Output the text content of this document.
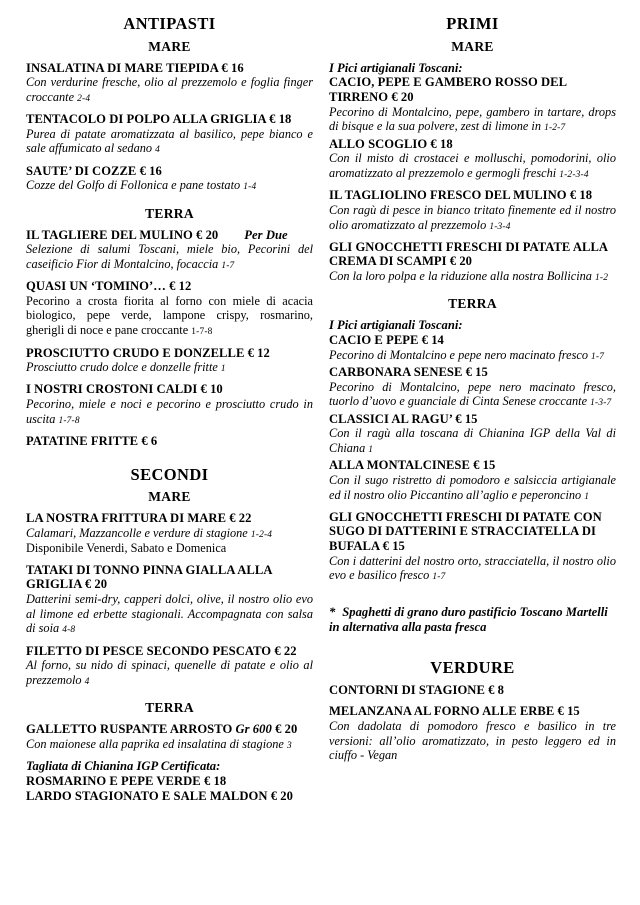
ANTIPASTI
MARE
INSALATINA DI MARE TIEPIDA € 16
Con verdurine fresche, olio al prezzemolo e foglia finger croccante 2-4
TENTACOLO DI POLPO ALLA GRIGLIA € 18
Purea di patate aromatizzata al basilico, pepe bianco e sale affumicato al sedano 4
SAUTE’ DI COZZE € 16
Cozze del Golfo di Follonica e pane tostato 1-4
TERRA
IL TAGLIERE DEL MULINO € 20 Per Due
Selezione di salumi Toscani, miele bio, Pecorini del caseificio Fior di Montalcino, focaccia 1-7
QUASI UN ‘TOMINO’… € 12
Pecorino a crosta fiorita al forno con miele di acacia biologico, pepe verde, lampone crispy, rosmarino, gherigli di noce e pane croccante 1-7-8
PROSCIUTTO CRUDO E DONZELLE € 12
Prosciutto crudo dolce e donzelle fritte 1
I NOSTRI CROSTONI CALDI € 10
Pecorino, miele e noci e pecorino e prosciutto crudo in uscita 1-7-8
PATATINE FRITTE € 6
SECONDI
MARE
LA NOSTRA FRITTURA DI MARE € 22
Calamari, Mazzancolle e verdure di stagione 1-2-4
Disponibile Venerdi, Sabato e Domenica
TATAKI DI TONNO PINNA GIALLA ALLA GRIGLIA € 20
Datterini semi-dry, capperi dolci, olive, il nostro olio evo al limone ed erbette stagionali. Accompagnata con salsa di soia 4-8
FILETTO DI PESCE SECONDO PESCATO € 22
Al forno, su nido di spinaci, quenelle di patate e olio al prezzemolo 4
TERRA
GALLETTO RUSPANTE ARROSTO Gr 600 € 20
Con maionese alla paprika ed insalatina di stagione 3
Tagliata di Chianina IGP Certificata:
ROSMARINO E PEPE VERDE € 18
LARDO STAGIONATO E SALE MALDON € 20
PRIMI
MARE
I Pici artigianali Toscani:
CACIO, PEPE E GAMBERO ROSSO DEL TIRRENO € 20
Pecorino di Montalcino, pepe, gambero in tartare, drops di bisque e la sua polvere, zest di limone in 1-2-7
ALLO SCOGLIO € 18
Con il misto di crostacei e molluschi, pomodorini, olio aromatizzato al prezzemolo e germogli freschi 1-2-3-4
IL TAGLIOLINO FRESCO DEL MULINO € 18
Con ragù di pesce in bianco tritato finemente ed il nostro olio aromatizzato al prezzemolo 1-3-4
GLI GNOCCHETTI FRESCHI DI PATATE ALLA CREMA DI SCAMPI € 20
Con la loro polpa e la riduzione alla nostra Bollicina 1-2
TERRA
I Pici artigianali Toscani:
CACIO E PEPE € 14
Pecorino di Montalcino e pepe nero macinato fresco 1-7
CARBONARA SENESE € 15
Pecorino di Montalcino, pepe nero macinato fresco, tuorlo d’uovo e guanciale di Cinta Senese croccante 1-3-7
CLASSICI AL RAGU’ € 15
Con il ragù alla toscana di Chianina IGP della Val di Chiana 1
ALLA MONTALCINESE € 15
Con il sugo ristretto di pomodoro e salsiccia artigianale ed il nostro olio Piccantino all’aglio e peperoncino 1
GLI GNOCCHETTI FRESCHI DI PATATE CON SUGO DI DATTERINI E STRACCIATELLA DI BUFALA € 15
Con i datterini del nostro orto, stracciatella, il nostro olio evo e basilico fresco 1-7
* Spaghetti di grano duro pastificio Toscano Martelli in alternativa alla pasta fresca
VERDURE
CONTORNI DI STAGIONE € 8
MELANZANA AL FORNO ALLE ERBE € 15
Con dadolata di pomodoro fresco e basilico in tre versioni: all’olio aromatizzato, in pesto leggero ed in ciuffo - Vegan
